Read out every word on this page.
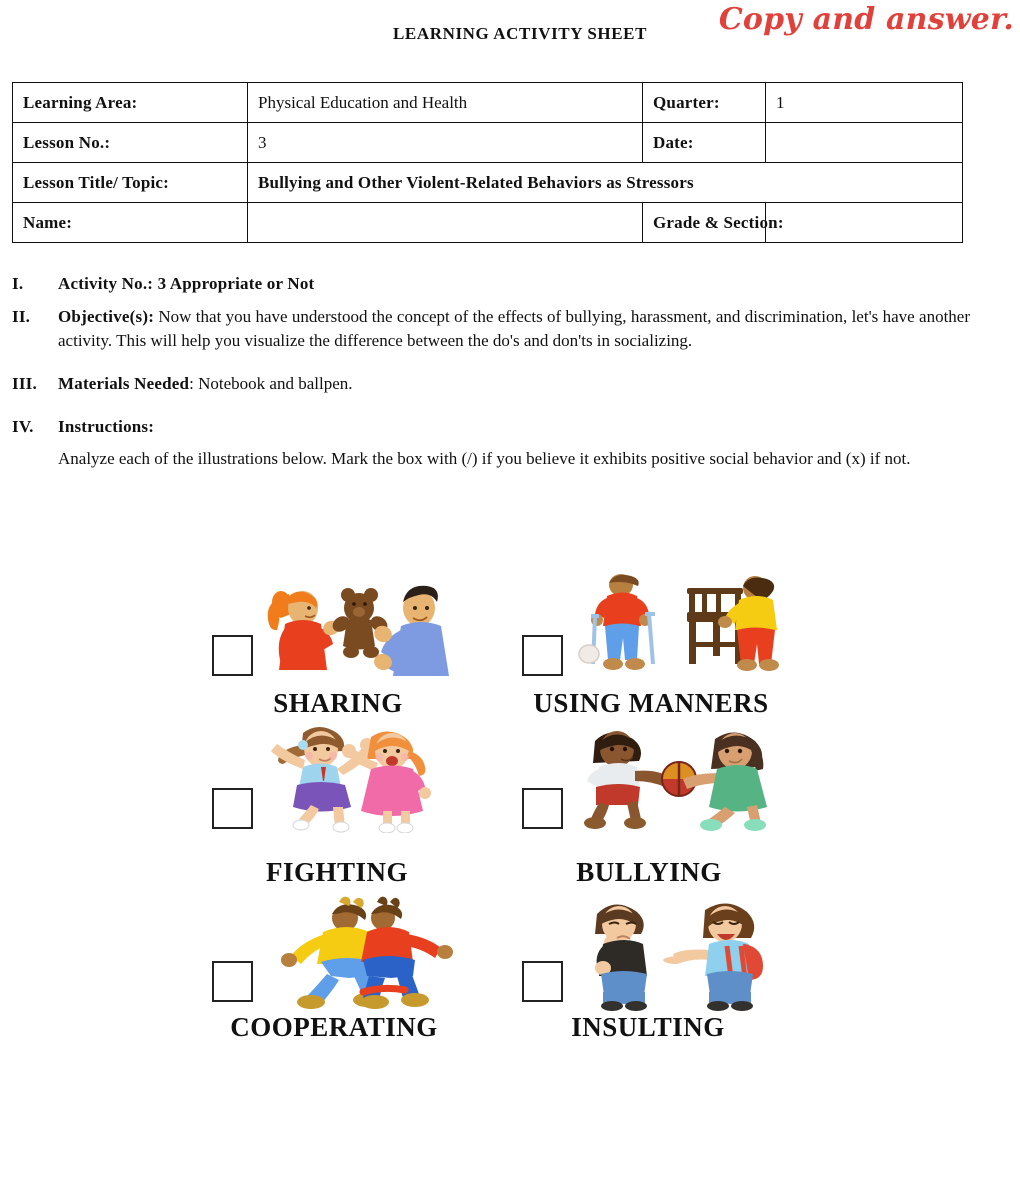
LEARNING ACTIVITY SHEET	Copy and answer.
Learning Area:	Physical Education and Health	Quarter:	1
Lesson No.:	3	Date:	
Lesson Title/ Topic:	Bullying and Other Violent-Related Behaviors as Stressors		
Name:		Grade & Section:	
I.	Activity No.: 3 Appropriate or Not
II.	Objective(s): Now that you have understood the concept of the effects of bullying, harassment, and discrimination, let's have another activity. This will help you visualize the difference between the do's and don'ts in socializing.
III.	Materials Needed: Notebook and ballpen.
IV.	Instructions:
Analyze each of the illustrations below. Mark the box with (/) if you believe it exhibits positive social behavior and (x) if not.
SHARING	USING MANNERS
FIGHTING	BULLYING
COOPERATING	INSULTING
